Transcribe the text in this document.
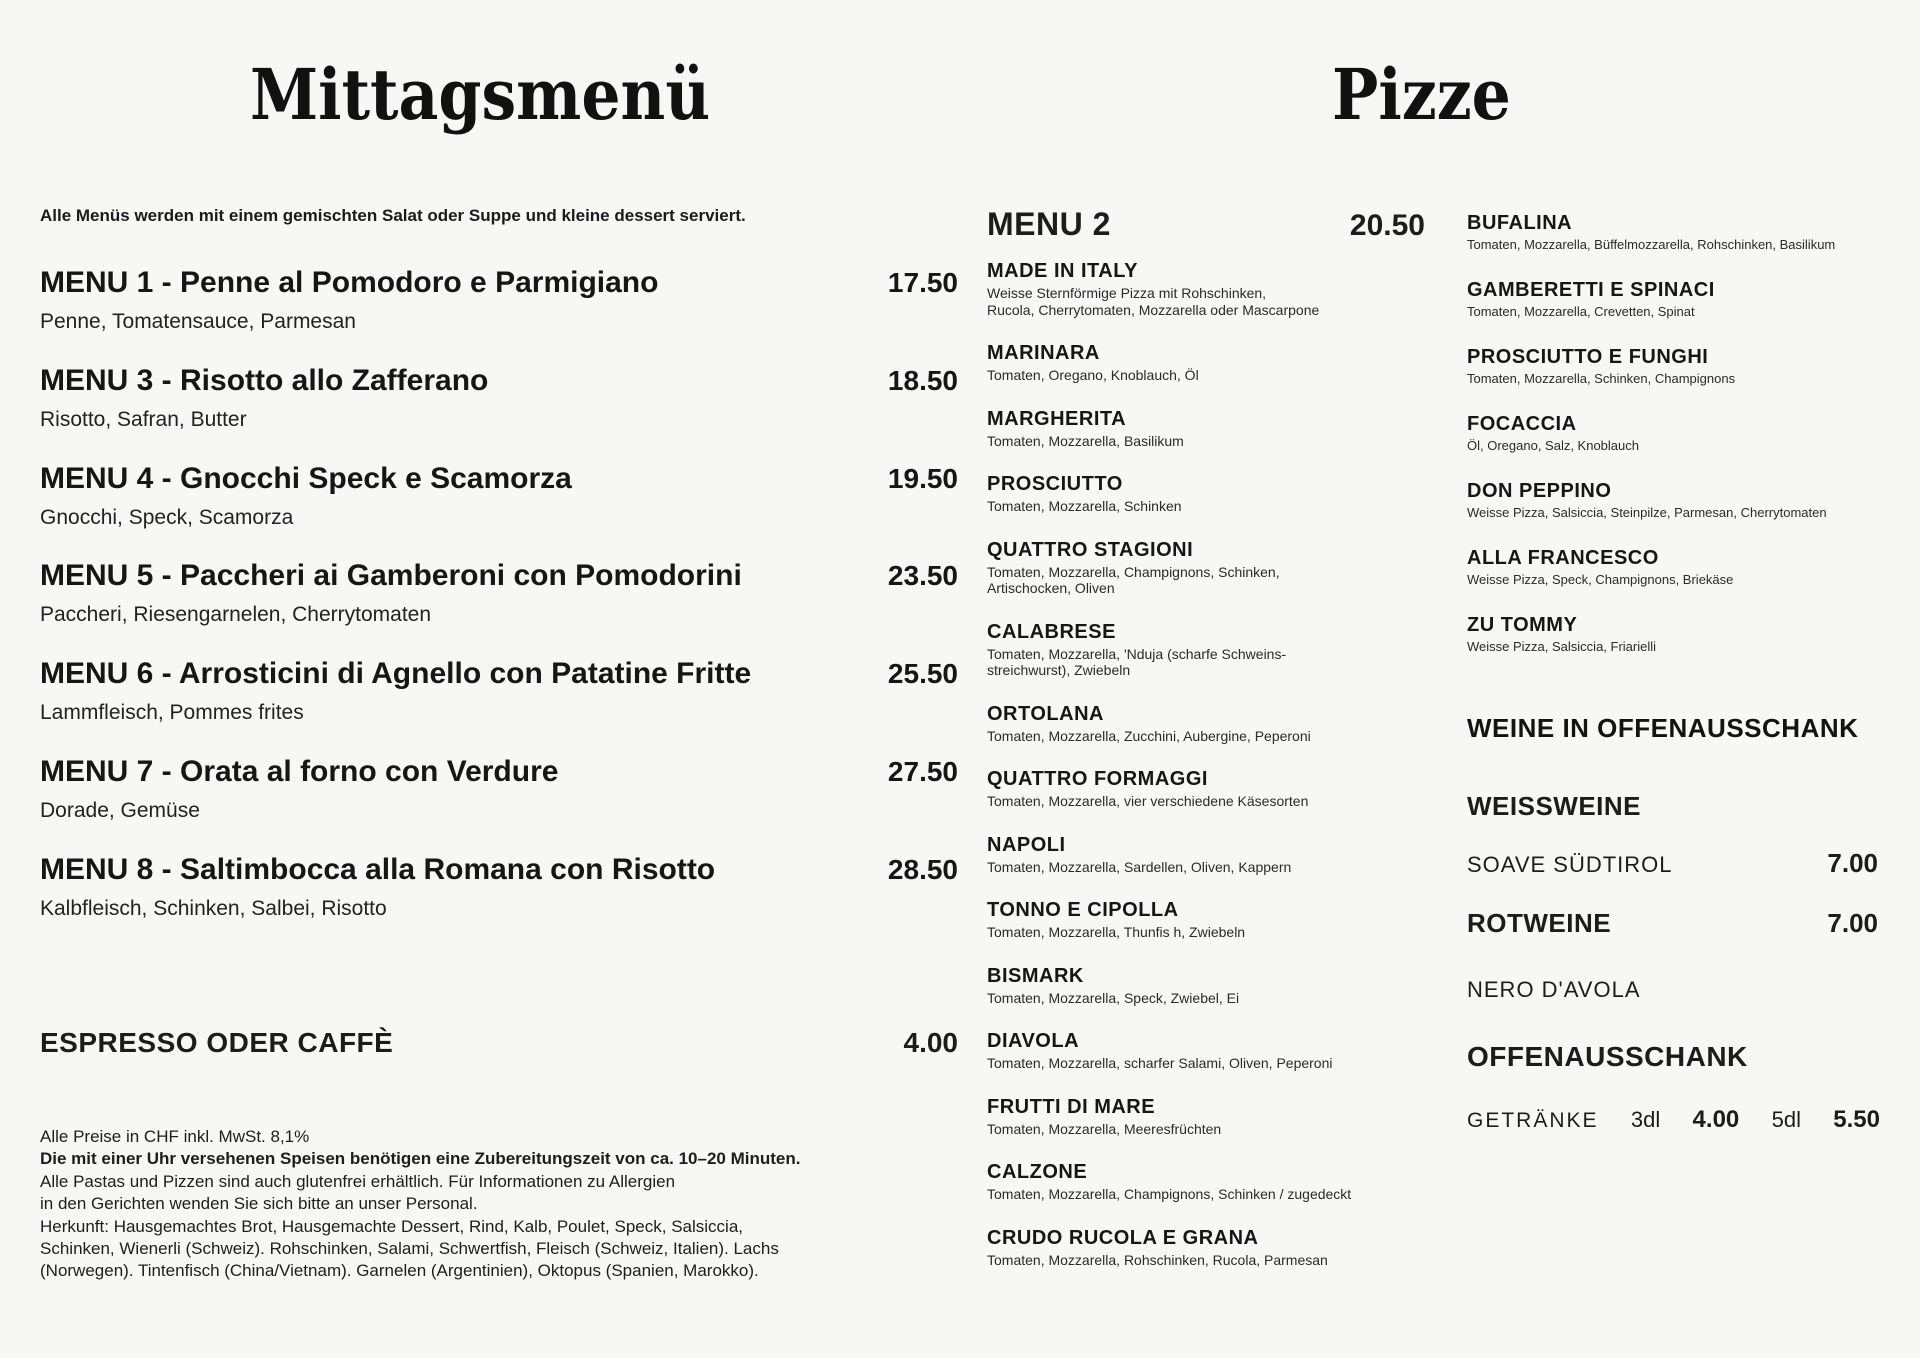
Mittagsmenü	Pizze
Alle Menüs werden mit einem gemischten Salat oder Suppe und kleine dessert serviert.
MENU 1 - Penne al Pomodoro e Parmigiano	17.50
Penne, Tomatensauce, Parmesan
MENU 3 - Risotto allo Zafferano	18.50
Risotto, Safran, Butter
MENU 4 - Gnocchi Speck e Scamorza	19.50
Gnocchi, Speck, Scamorza
MENU 5 - Paccheri ai Gamberoni con Pomodorini	23.50
Paccheri, Riesengarnelen, Cherrytomaten
MENU 6 - Arrosticini di Agnello con Patatine Fritte	25.50
Lammfleisch, Pommes frites
MENU 7 - Orata al forno con Verdure	27.50
Dorade, Gemüse
MENU 8 - Saltimbocca alla Romana con Risotto	28.50
Kalbfleisch, Schinken, Salbei, Risotto
ESPRESSO ODER CAFFÈ	4.00
Alle Preise in CHF inkl. MwSt. 8,1%
Die mit einer Uhr versehenen Speisen benötigen eine Zubereitungszeit von ca. 10–20 Minuten.
Alle Pastas und Pizzen sind auch glutenfrei erhältlich. Für Informationen zu Allergien
in den Gerichten wenden Sie sich bitte an unser Personal.
Herkunft: Hausgemachtes Brot, Hausgemachte Dessert, Rind, Kalb, Poulet, Speck, Salsiccia,
Schinken, Wienerli (Schweiz). Rohschinken, Salami, Schwertfish, Fleisch (Schweiz, Italien). Lachs
(Norwegen). Tintenfisch (China/Vietnam). Garnelen (Argentinien), Oktopus (Spanien, Marokko).
MENU 2	20.50
MADE IN ITALY
Weisse Sternförmige Pizza mit Rohschinken,
Rucola, Cherrytomaten, Mozzarella oder Mascarpone
MARINARA
Tomaten, Oregano, Knoblauch, Öl
MARGHERITA
Tomaten, Mozzarella, Basilikum
PROSCIUTTO
Tomaten, Mozzarella, Schinken
QUATTRO STAGIONI
Tomaten, Mozzarella, Champignons, Schinken,
Artischocken, Oliven
CALABRESE
Tomaten, Mozzarella, 'Nduja (scharfe Schweins-
streichwurst), Zwiebeln
ORTOLANA
Tomaten, Mozzarella, Zucchini, Aubergine, Peperoni
QUATTRO FORMAGGI
Tomaten, Mozzarella, vier verschiedene Käsesorten
NAPOLI
Tomaten, Mozzarella, Sardellen, Oliven, Kappern
TONNO E CIPOLLA
Tomaten, Mozzarella, Thunfis h, Zwiebeln
BISMARK
Tomaten, Mozzarella, Speck, Zwiebel, Ei
DIAVOLA
Tomaten, Mozzarella, scharfer Salami, Oliven, Peperoni
FRUTTI DI MARE
Tomaten, Mozzarella, Meeresfrüchten
CALZONE
Tomaten, Mozzarella, Champignons, Schinken / zugedeckt
CRUDO RUCOLA E GRANA
Tomaten, Mozzarella, Rohschinken, Rucola, Parmesan
BUFALINA
Tomaten, Mozzarella, Büffelmozzarella, Rohschinken, Basilikum
GAMBERETTI E SPINACI
Tomaten, Mozzarella, Crevetten, Spinat
PROSCIUTTO E FUNGHI
Tomaten, Mozzarella, Schinken, Champignons
FOCACCIA
Öl, Oregano, Salz, Knoblauch
DON PEPPINO
Weisse Pizza, Salsiccia, Steinpilze, Parmesan, Cherrytomaten
ALLA FRANCESCO
Weisse Pizza, Speck, Champignons, Briekäse
ZU TOMMY
Weisse Pizza, Salsiccia, Friarielli
WEINE IN OFFENAUSSCHANK
WEISSWEINE
SOAVE SÜDTIROL	7.00
ROTWEINE	7.00
NERO D'AVOLA
OFFENAUSSCHANK
GETRÄNKE 3dl 4.00 5dl 5.50
